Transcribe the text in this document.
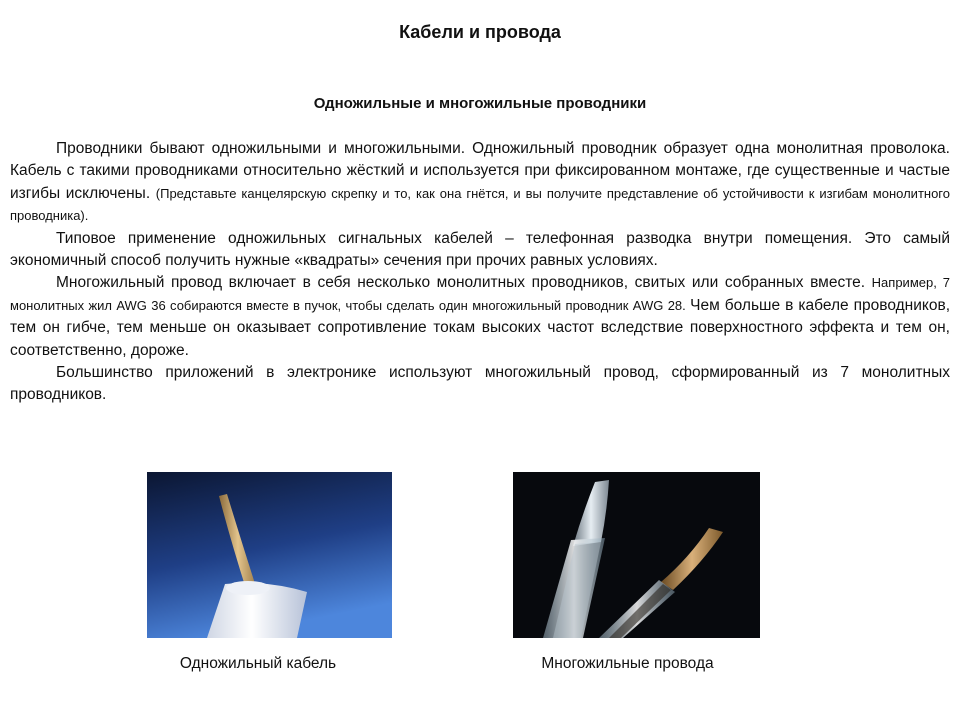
Кабели и провода
Одножильные и многожильные проводники

Проводники бывают одножильными и многожильными. Одножильный проводник образует одна монолитная проволока. Кабель с такими проводниками относительно жёсткий и используется при фиксированном монтаже, где существенные и частые изгибы исключены. (Представьте канцелярскую скрепку и то, как она гнётся, и вы получите представление об устойчивости к изгибам монолитного проводника).

Типовое применение одножильных сигнальных кабелей – телефонная разводка внутри помещения. Это самый экономичный способ получить нужные «квадраты» сечения при прочих равных условиях.

Многожильный провод включает в себя несколько монолитных проводников, свитых или собранных вместе. Например, 7 монолитных жил AWG 36 собираются вместе в пучок, чтобы сделать один многожильный проводник AWG 28. Чем больше в кабеле проводников, тем он гибче, тем меньше он оказывает сопротивление токам высоких частот вследствие поверхностного эффекта и тем он, соответственно, дороже.

Большинство приложений в электронике используют многожильный провод, сформированный из 7 монолитных проводников.

Одножильный кабель	Многожильные провода
